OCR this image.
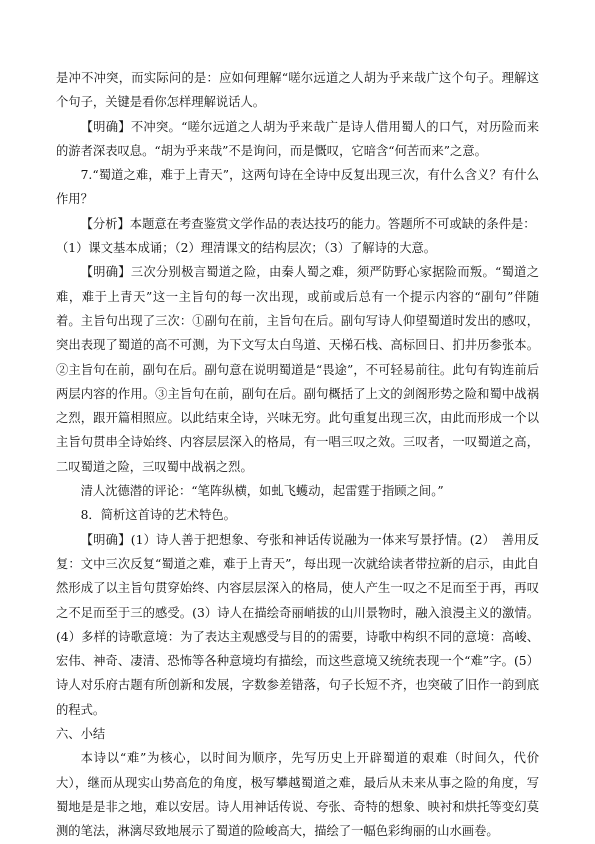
是冲不冲突，而实际问的是：应如何理解“嗟尔远道之人胡为乎来哉广这个句子。理解这个句子，关键是看你怎样理解说话人。

【明确】不冲突。“嗟尔远道之人胡为乎来哉广是诗人借用蜀人的口气，对历险而来的游者深表叹息。“胡为乎来哉”不是询问，而是慨叹，它暗含“何苦而来”之意。

7.“蜀道之难，难于上青天”，这两句诗在全诗中反复出现三次，有什么含义？有什么作用？

【分析】本题意在考查鉴赏文学作品的表达技巧的能力。答题所不可或缺的条件是：

（1）课文基本成诵；（2）理清课文的结构层次；（3）了解诗的大意。

【明确】三次分别极言蜀道之险，由秦人蜀之难，须严防野心家据险而叛。“蜀道之难，难于上青天”这一主旨句的每一次出现，或前或后总有一个提示内容的“副句”伴随着。主旨句出现了三次：①副句在前，主旨句在后。副句写诗人仰望蜀道时发出的感叹，突出表现了蜀道的高不可测，为下文写太白鸟道、天梯石栈、高标回日、扪井历参张本。②主旨句在前，副句在后。副句意在说明蜀道是“畏途”，不可轻易前往。此句有钩连前后两层内容的作用。③主旨句在前，副句在后。副句概括了上文的剑阁形势之险和蜀中战祸之烈，跟开篇相照应。以此结束全诗，兴味无穷。此句重复出现三次，由此而形成一个以主旨句贯串全诗始终、内容层层深入的格局，有一唱三叹之效。三叹者，一叹蜀道之高，二叹蜀道之险，三叹蜀中战祸之烈。

清人沈德潜的评论：“笔阵纵横，如虬飞蠖动，起雷霆于指顾之间。”

8．简析这首诗的艺术特色。

【明确】(1）诗人善于把想象、夸张和神话传说融为一体来写景抒情。(2）　善用反复：文中三次反复“蜀道之难，难于上青天”，每出现一次就给读者带拉新的启示，由此自然形成了以主旨句贯穿始终、内容层层深入的格局，使人产生一叹之不足而至于再，再叹之不足而至于三的感受。(3）诗人在描绘奇丽峭拔的山川景物时，融入浪漫主义的激情。(4）多样的诗歌意境：为了表达主观感受与目的的需要，诗歌中构织不同的意境：高峻、宏伟、神奇、凄清、恐怖等各种意境均有描绘，而这些意境又统统表现一个“难”字。(5）诗人对乐府古题有所创新和发展，字数参差错落，句子长短不齐，也突破了旧作一韵到底的程式。

六、小结

本诗以“难”为核心，以时间为顺序，先写历史上开辟蜀道的艰难（时间久，代价大），继而从现实山势高危的角度，极写攀越蜀道之难，最后从未来从事之险的角度，写蜀地是是非之地，难以安居。诗人用神话传说、夸张、奇特的想象、映衬和烘托等变幻莫测的笔法，淋漓尽致地展示了蜀道的险峻高大，描绘了一幅色彩绚丽的山水画卷。
